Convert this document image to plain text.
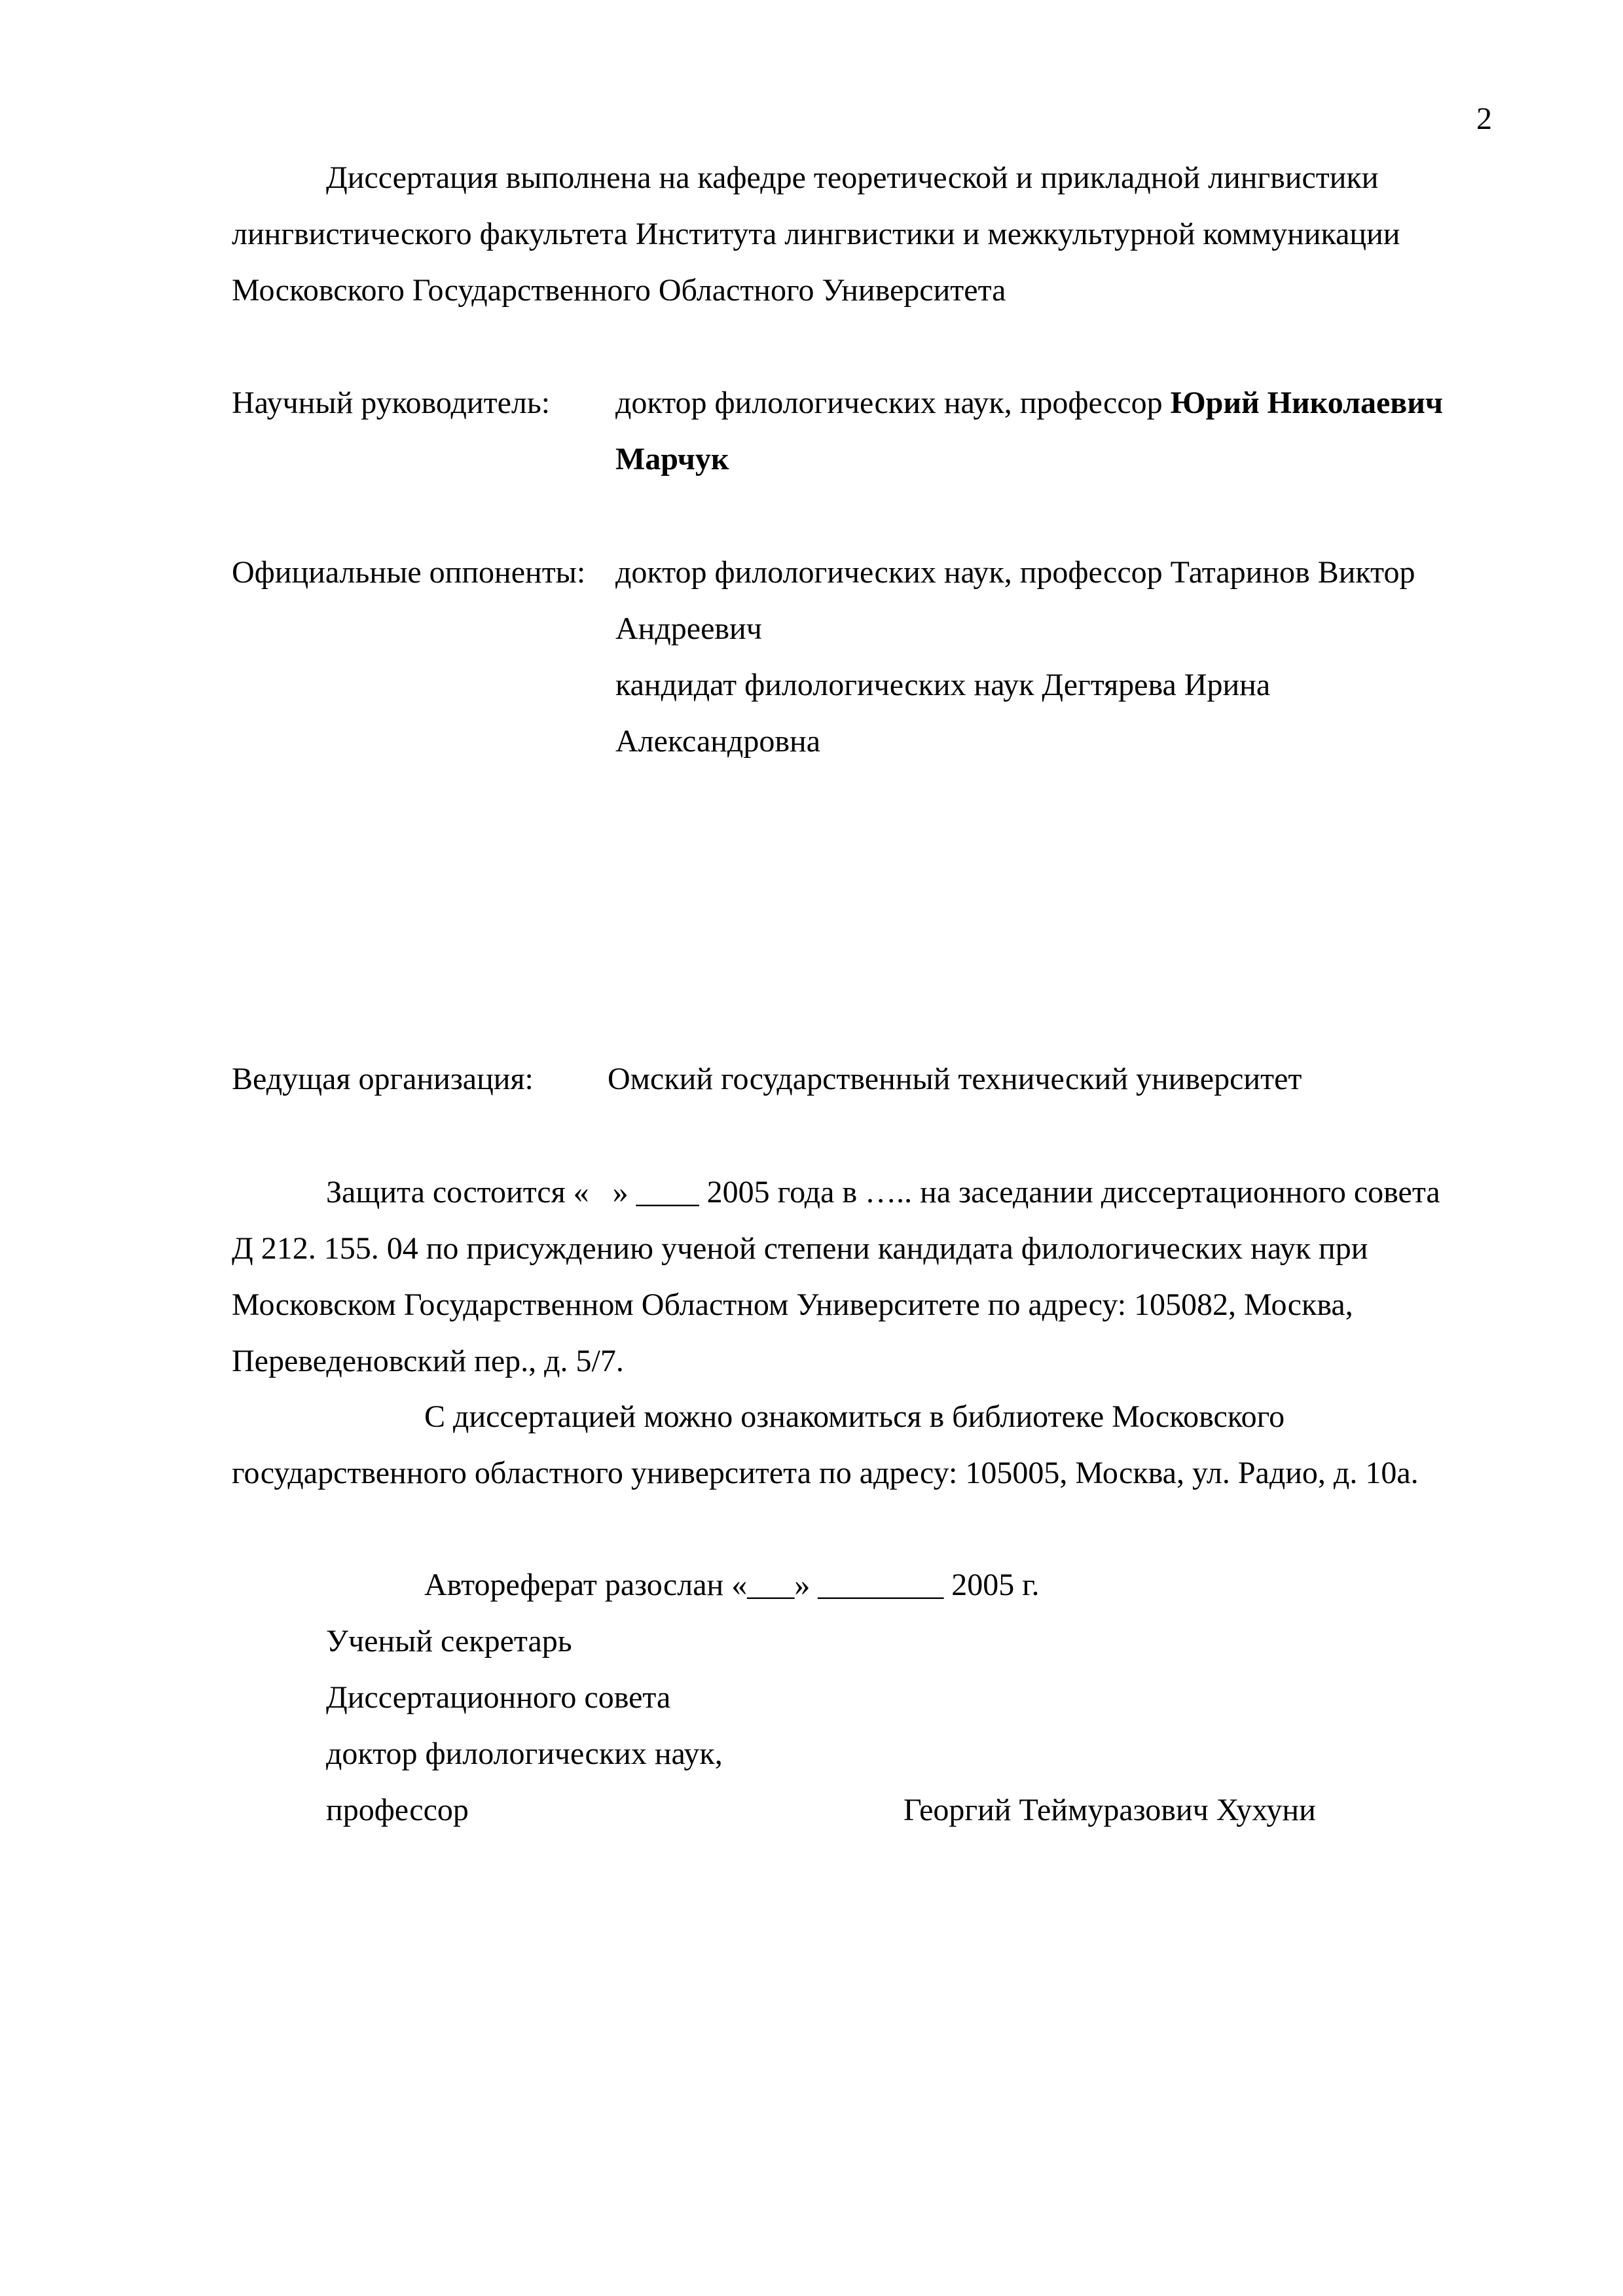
2
Диссертация выполнена на кафедре теоретической и прикладной лингвистики
лингвистического факультета Института лингвистики и межкультурной коммуникации
Московского Государственного Областного Университета
Научный руководитель: доктор филологических наук, профессор Юрий Николаевич
Марчук
Официальные оппоненты: доктор филологических наук, профессор Татаринов Виктор
Андреевич
кандидат филологических наук Дегтярева Ирина
Александровна
Ведущая организация: Омский государственный технический университет
Защита состоится «   » ____ 2005 года в ….. на заседании диссертационного совета
Д 212. 155. 04 по присуждению ученой степени кандидата филологических наук при
Московском Государственном Областном Университете по адресу: 105082, Москва,
Переведеновский пер., д. 5/7.
С диссертацией можно ознакомиться в библиотеке Московского
государственного областного университета по адресу: 105005, Москва, ул. Радио, д. 10а.
Автореферат разослан «___» ________ 2005 г.
Ученый секретарь
Диссертационного совета
доктор филологических наук,
профессор	Георгий Теймуразович Хухуни
